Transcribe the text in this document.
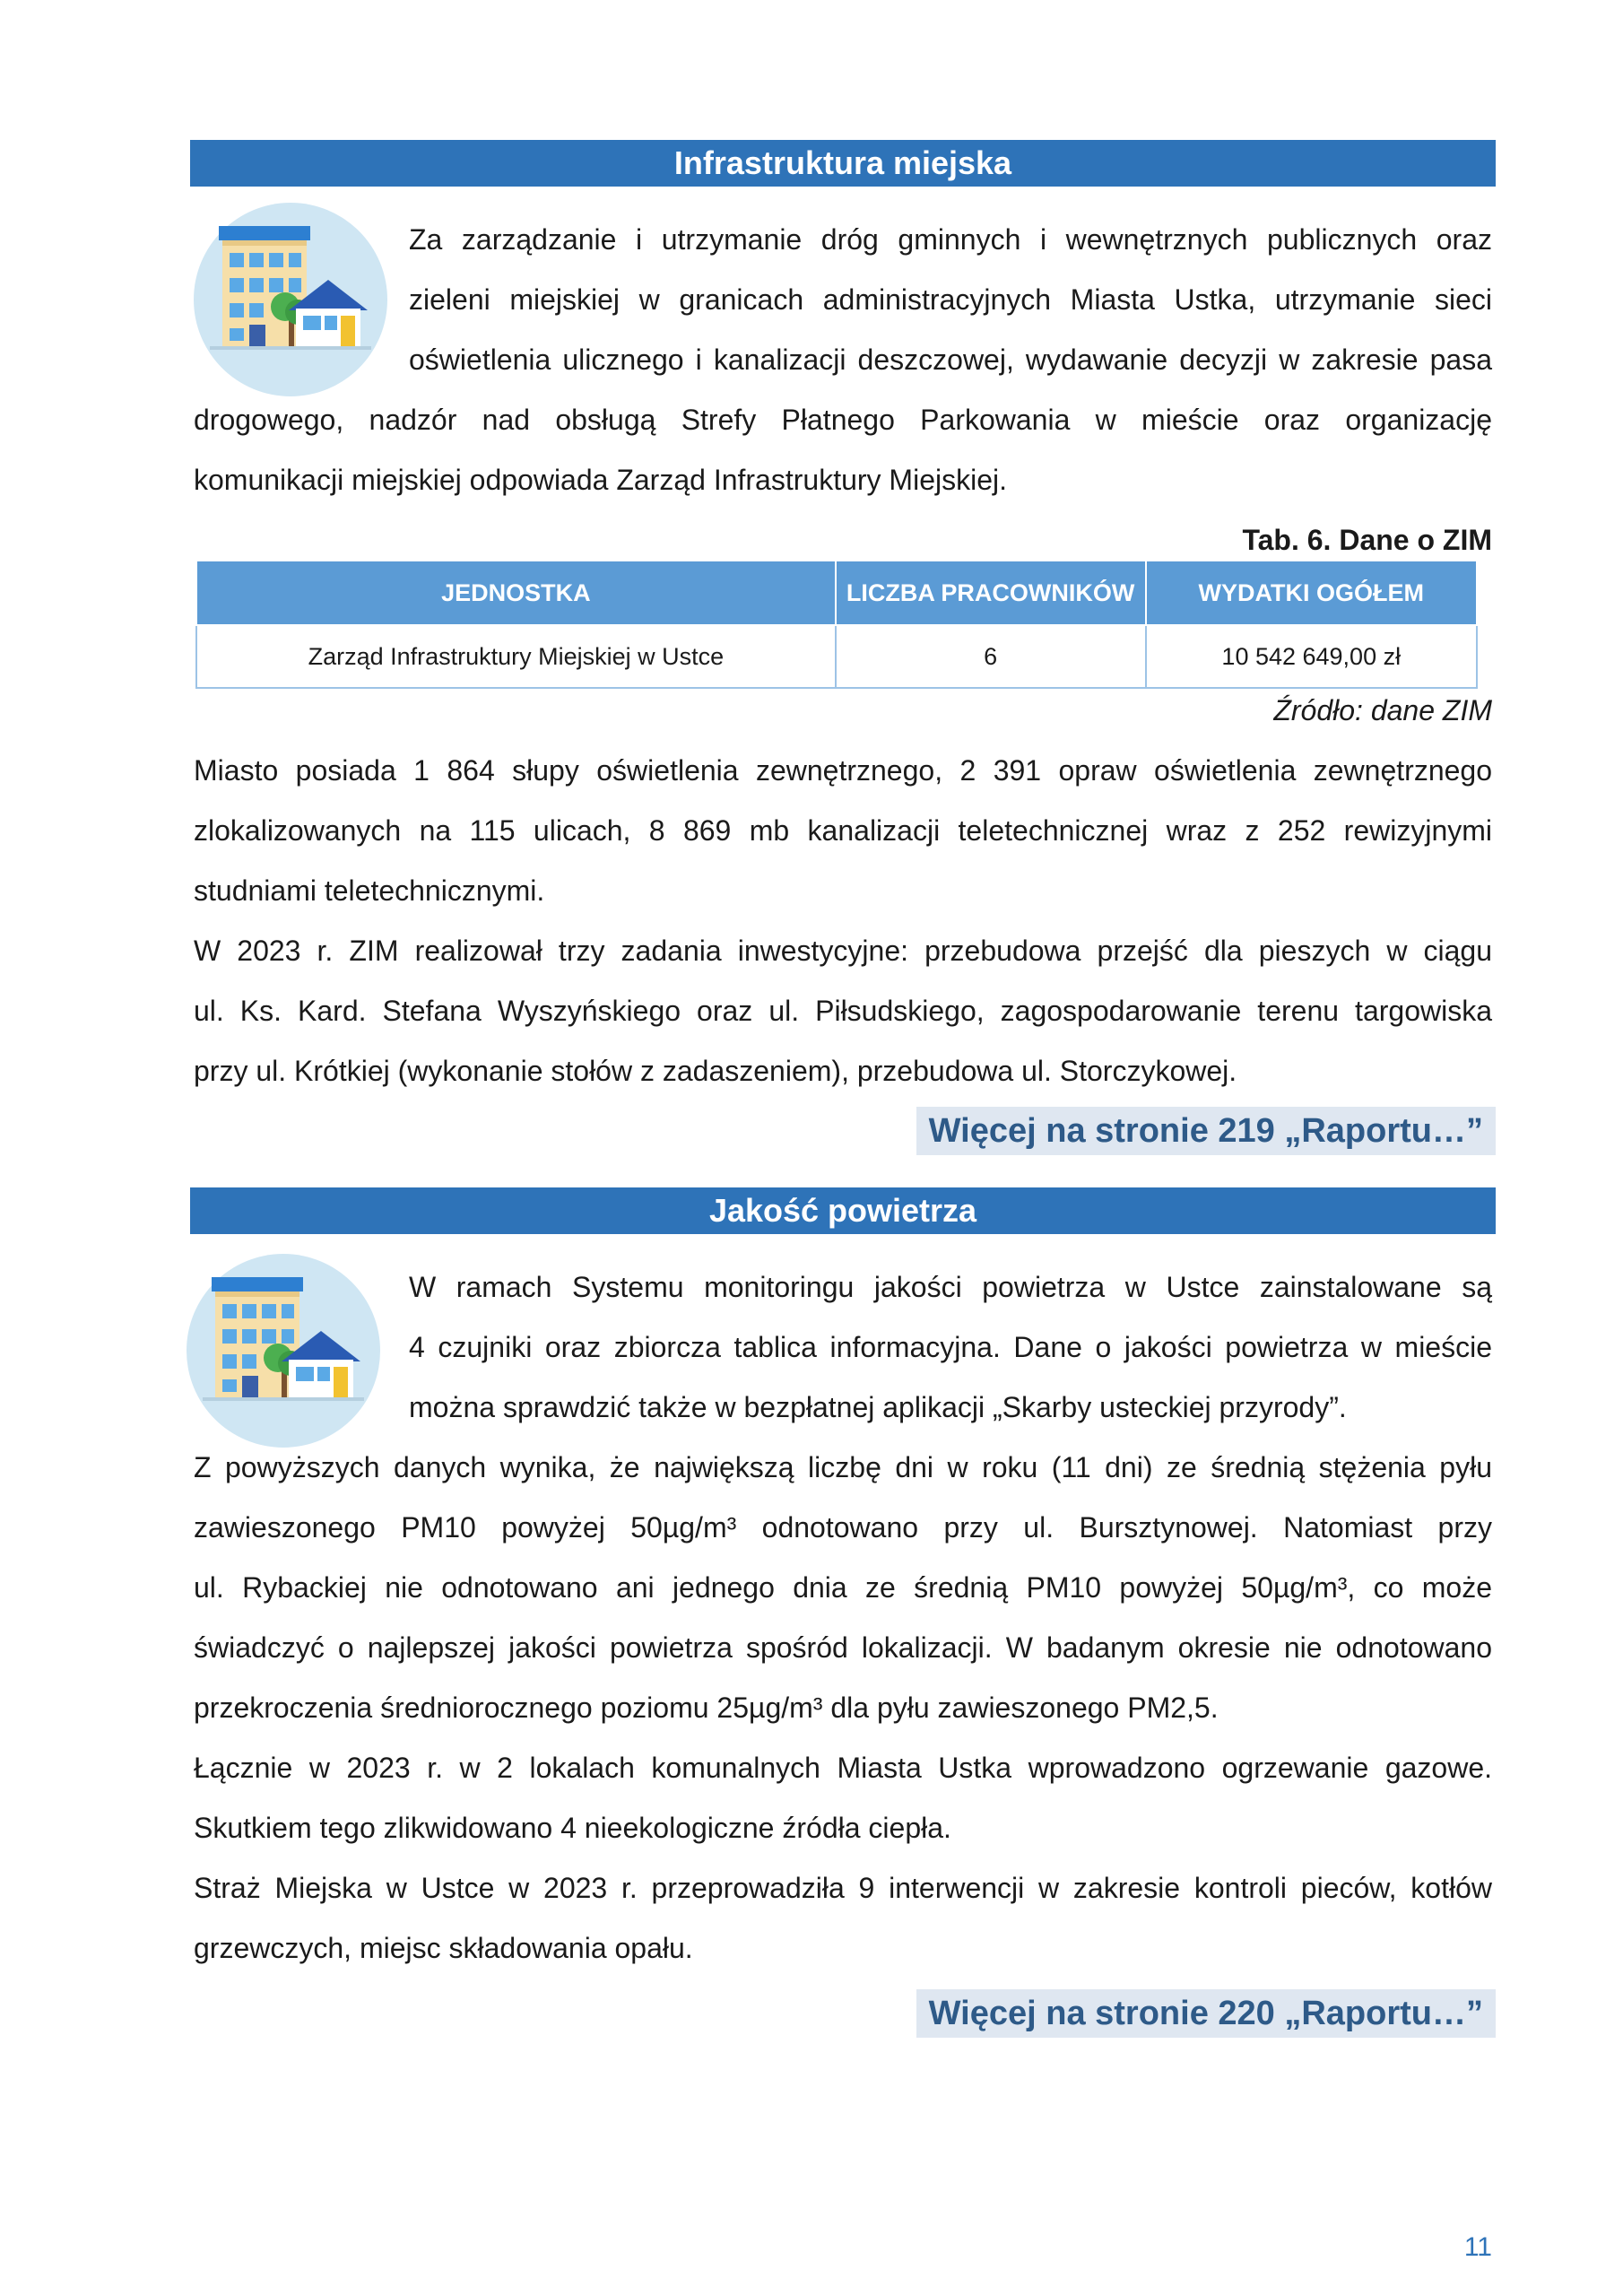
Infrastruktura miejska

Za zarządzanie i utrzymanie dróg gminnych i wewnętrznych publicznych oraz

zieleni miejskiej w granicach administracyjnych Miasta Ustka, utrzymanie sieci

oświetlenia ulicznego i kanalizacji deszczowej, wydawanie decyzji w zakresie pasa

drogowego, nadzór nad obsługą Strefy Płatnego Parkowania w mieście oraz organizację

komunikacji miejskiej odpowiada Zarząd Infrastruktury Miejskiej.

Tab. 6. Dane o ZIM
JEDNOSTKA	LICZBA PRACOWNIKÓW	WYDATKI OGÓŁEM
Zarząd Infrastruktury Miejskiej w Ustce	6	10 542 649,00 zł
Źródło: dane ZIM

Miasto posiada 1 864 słupy oświetlenia zewnętrznego, 2 391 opraw oświetlenia zewnętrznego

zlokalizowanych na 115 ulicach, 8 869 mb kanalizacji teletechnicznej wraz z 252 rewizyjnymi

studniami teletechnicznymi.

W 2023 r. ZIM realizował trzy zadania inwestycyjne: przebudowa przejść dla pieszych w ciągu

ul. Ks. Kard. Stefana Wyszyńskiego oraz ul. Piłsudskiego, zagospodarowanie terenu targowiska

przy ul. Krótkiej (wykonanie stołów z zadaszeniem), przebudowa ul. Storczykowej.

Więcej na stronie 219 „Raportu…”
Jakość powietrza

W ramach Systemu monitoringu jakości powietrza w Ustce zainstalowane są

4 czujniki oraz zbiorcza tablica informacyjna. Dane o jakości powietrza w mieście

można sprawdzić także w bezpłatnej aplikacji „Skarby usteckiej przyrody”.

Z powyższych danych wynika, że największą liczbę dni w roku (11 dni) ze średnią stężenia pyłu

zawieszonego PM10 powyżej 50µg/m³ odnotowano przy ul. Bursztynowej. Natomiast przy

ul. Rybackiej nie odnotowano ani jednego dnia ze średnią PM10 powyżej 50µg/m³, co może

świadczyć o najlepszej jakości powietrza spośród lokalizacji. W badanym okresie nie odnotowano

przekroczenia średniorocznego poziomu 25µg/m³ dla pyłu zawieszonego PM2,5.

Łącznie w 2023 r. w 2 lokalach komunalnych Miasta Ustka wprowadzono ogrzewanie gazowe.

Skutkiem tego zlikwidowano 4 nieekologiczne źródła ciepła.

Straż Miejska w Ustce w 2023 r. przeprowadziła 9 interwencji w zakresie kontroli pieców, kotłów

grzewczych, miejsc składowania opału.

Więcej na stronie 220 „Raportu…”
11
